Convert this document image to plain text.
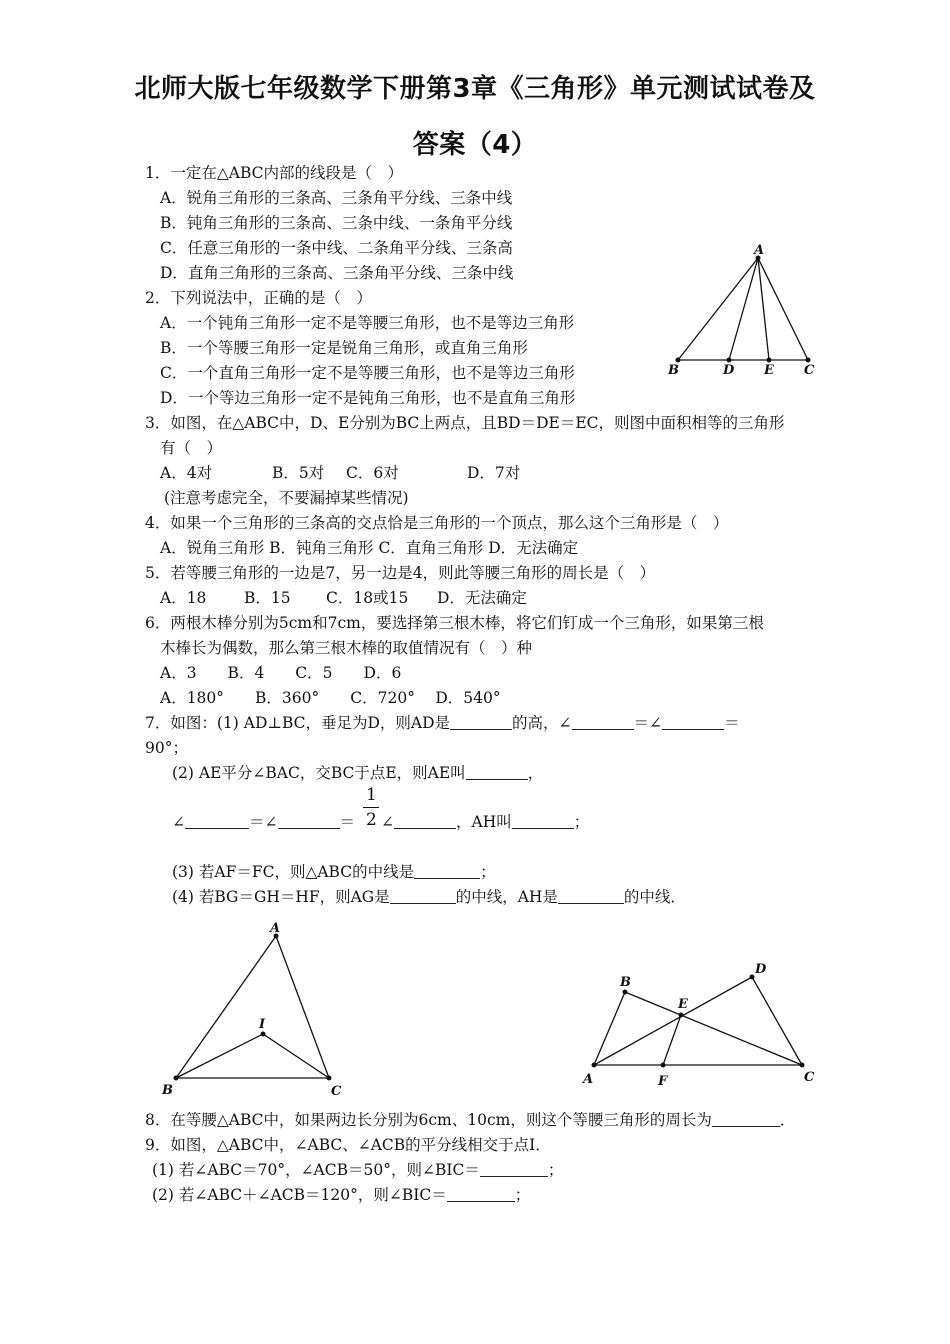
北师大版七年级数学下册第3章《三角形》单元测试试卷及
答案（4）
1．一定在△ABC内部的线段是（　）
A．锐角三角形的三条高、三条角平分线、三条中线
B．钝角三角形的三条高、三条中线、一条角平分线
C．任意三角形的一条中线、二条角平分线、三条高
D．直角三角形的三条高、三条角平分线、三条中线
2．下列说法中，正确的是（　）
A．一个钝角三角形一定不是等腰三角形，也不是等边三角形
B．一个等腰三角形一定是锐角三角形，或直角三角形
C．一个直角三角形一定不是等腰三角形，也不是等边三角形
D．一个等边三角形一定不是钝角三角形，也不是直角三角形
A
B	D E C
3．如图，在△ABC中，D、E分别为BC上两点，且BD＝DE＝EC，则图中面积相等的三角形
有（　）
A．4对	B．5对 C．6对	D．7对
(注意考虑完全，不要漏掉某些情况)
4．如果一个三角形的三条高的交点恰是三角形的一个顶点，那么这个三角形是（　）
A．锐角三角形 B．钝角三角形 C．直角三角形 D．无法确定
5．若等腰三角形的一边是7，另一边是4，则此等腰三角形的周长是（　）
A．18 B．15 C．18或15 D．无法确定
6．两根木棒分别为5cm和7cm，要选择第三根木棒，将它们钉成一个三角形，如果第三根
木棒长为偶数，那么第三根木棒的取值情况有（　）种
A．3　　B．4　　C．5　　D．6
A．180°　　B．360°　　C．720°　 D．540°
7．如图：(1) AD⊥BC，垂足为D，则AD是	的高，∠	＝∠	＝
90°；
(2) AE平分∠BAC，交BC于点E，则AE叫	，
1
2
∠	＝∠	＝ ∠	，AH叫	；
(3) 若AF＝FC，则△ABC的中线是	；
(4) 若BG＝GH＝HF，则AG是	的中线，AH是	的中线．
A
I
B	C
B
D
E
A	F	C
8．在等腰△ABC中，如果两边长分别为6cm、10cm，则这个等腰三角形的周长为	．
9．如图，△ABC中，∠ABC、∠ACB的平分线相交于点I．
(1) 若∠ABC＝70°，∠ACB＝50°，则∠BIC＝	；
(2) 若∠ABC＋∠ACB＝120°，则∠BIC＝	；
